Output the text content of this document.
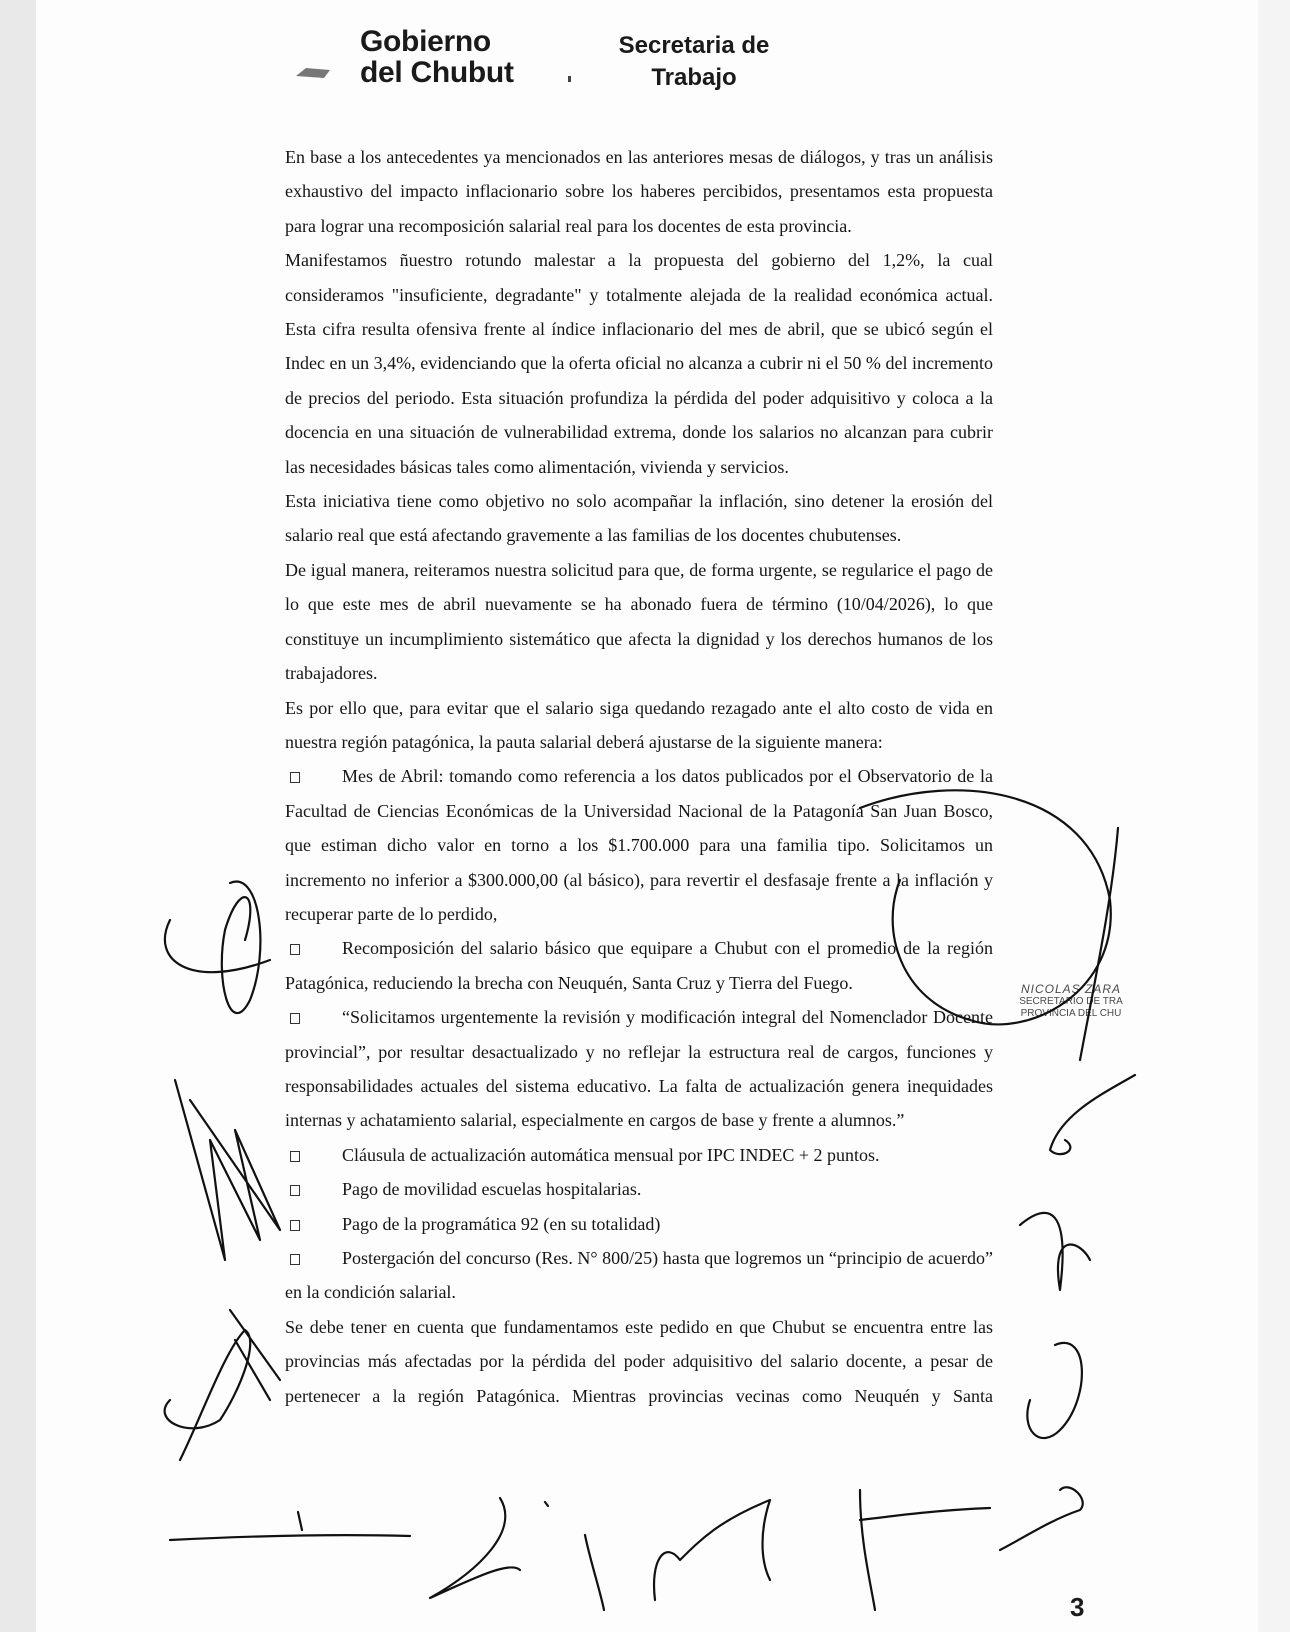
Gobierno
del Chubut
Secretaria de
Trabajo

En base a los antecedentes ya mencionados en las anteriores mesas de diálogos, y tras un análisis exhaustivo del impacto inflacionario sobre los haberes percibidos, presentamos esta propuesta para lograr una recomposición salarial real para los docentes de esta provincia.

Manifestamos ñuestro rotundo malestar a la propuesta del gobierno del 1,2%, la cual consideramos "insuficiente, degradante" y totalmente alejada de la realidad económica actual. Esta cifra resulta ofensiva frente al índice inflacionario del mes de abril, que se ubicó según el Indec en un 3,4%, evidenciando que la oferta oficial no alcanza a cubrir ni el 50 % del incremento de precios del periodo. Esta situación profundiza la pérdida del poder adquisitivo y coloca a la docencia en una situación de vulnerabilidad extrema, donde los salarios no alcanzan para cubrir las necesidades básicas tales como alimentación, vivienda y servicios.

Esta iniciativa tiene como objetivo no solo acompañar la inflación, sino detener la erosión del salario real que está afectando gravemente a las familias de los docentes chubutenses.

De igual manera, reiteramos nuestra solicitud para que, de forma urgente, se regularice el pago de lo que este mes de abril nuevamente se ha abonado fuera de término (10/04/2026), lo que constituye un incumplimiento sistemático que afecta la dignidad y los derechos humanos de los trabajadores.

Es por ello que, para evitar que el salario siga quedando rezagado ante el alto costo de vida en nuestra región patagónica, la pauta salarial deberá ajustarse de la siguiente manera:

Mes de Abril: tomando como referencia a los datos publicados por el Observatorio de la Facultad de Ciencias Económicas de la Universidad Nacional de la Patagonía San Juan Bosco, que estiman dicho valor en torno a los $1.700.000 para una familia tipo. Solicitamos un incremento no inferior a $300.000,00 (al básico), para revertir el desfasaje frente a la inflación y recuperar parte de lo perdido,

Recomposición del salario básico que equipare a Chubut con el promedio de la región Patagónica, reduciendo la brecha con Neuquén, Santa Cruz y Tierra del Fuego.

“Solicitamos urgentemente la revisión y modificación integral del Nomenclador Docente provincial”, por resultar desactualizado y no reflejar la estructura real de cargos, funciones y responsabilidades actuales del sistema educativo. La falta de actualización genera inequidades internas y achatamiento salarial, especialmente en cargos de base y frente a alumnos.”

Cláusula de actualización automática mensual por IPC INDEC + 2 puntos.

Pago de movilidad escuelas hospitalarias.

Pago de la programática 92 (en su totalidad)

Postergación del concurso (Res. N° 800/25) hasta que logremos un “principio de acuerdo” en la condición salarial.

Se debe tener en cuenta que fundamentamos este pedido en que Chubut se encuentra entre las provincias más afectadas por la pérdida del poder adquisitivo del salario docente, a pesar de pertenecer a la región Patagónica. Mientras provincias vecinas como Neuquén y Santa

NICOLAS ZARA
SECRETARIO DE TRA
PROVINCIA DEL CHU
3
